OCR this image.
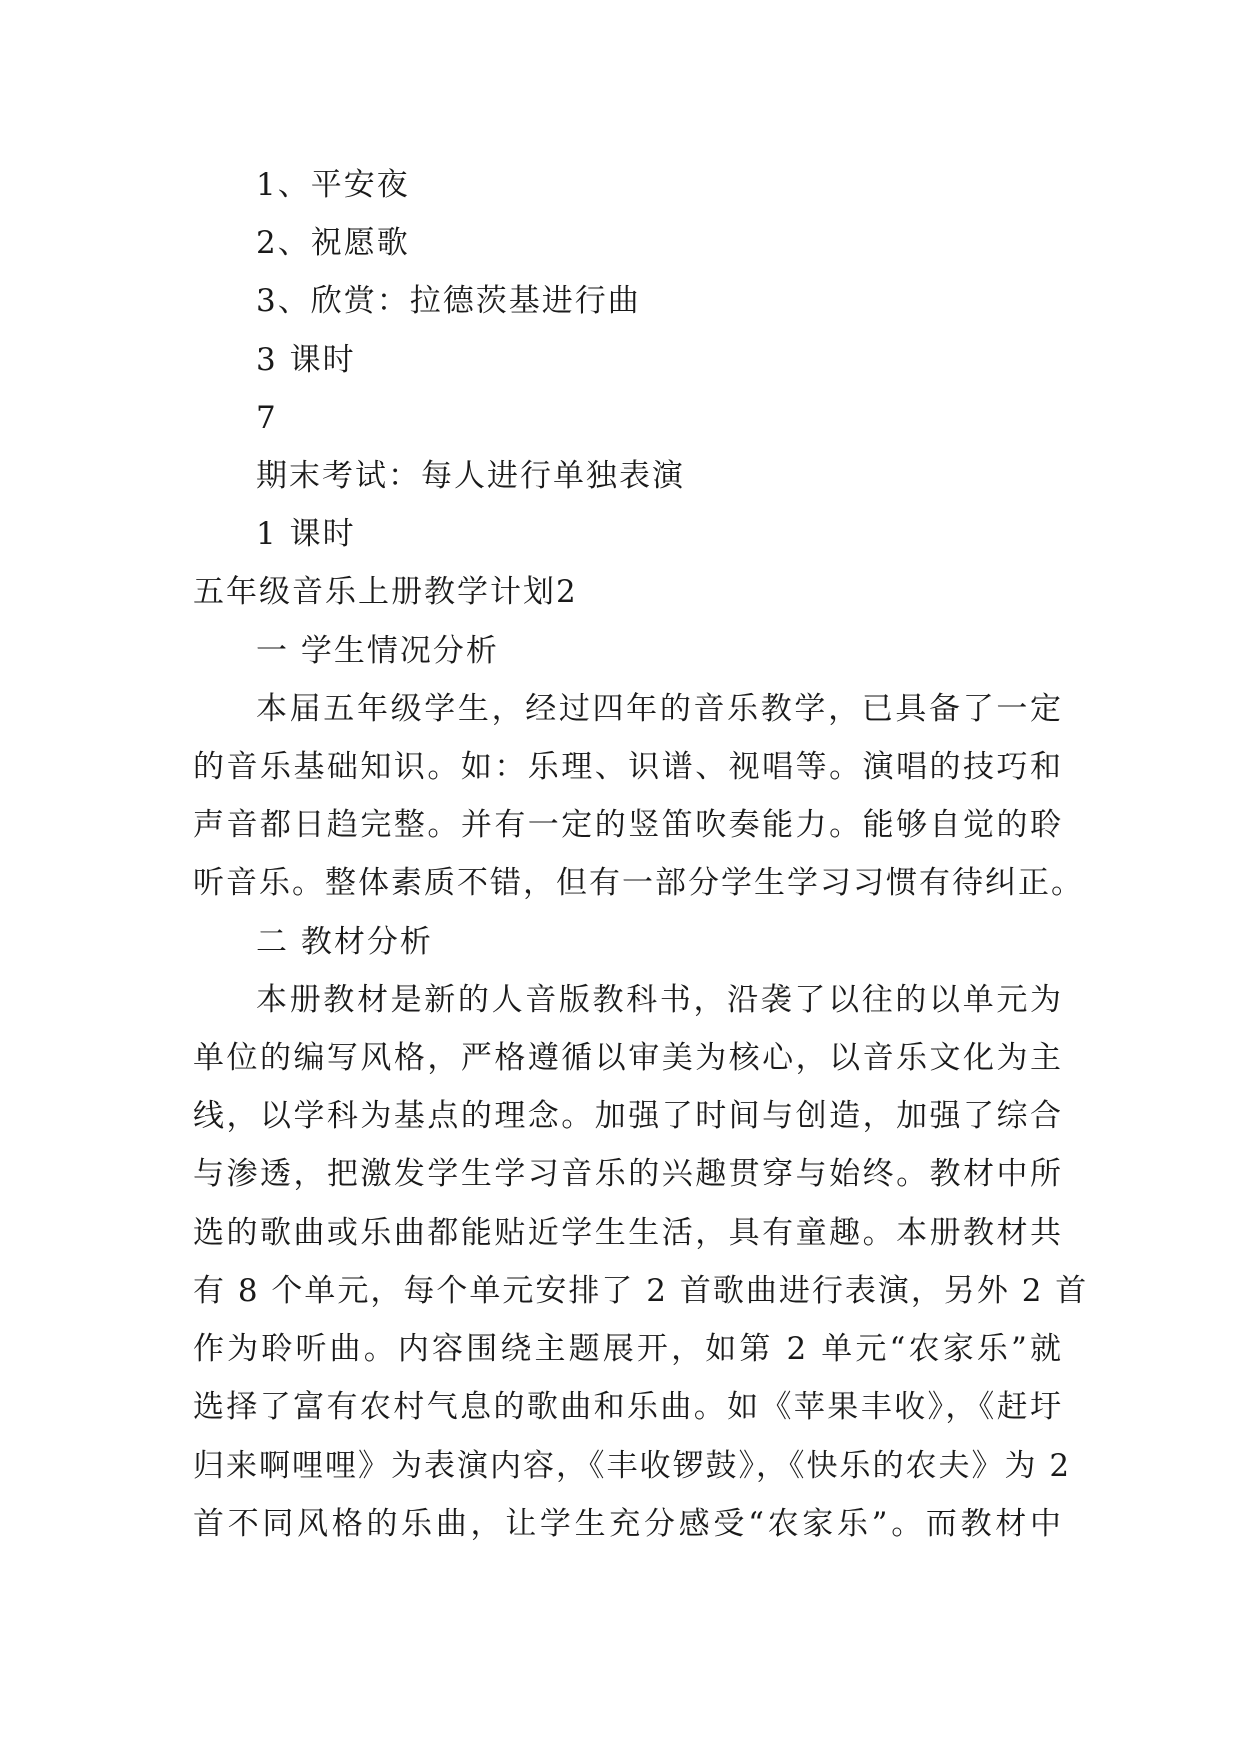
1、平安夜
2、祝愿歌
3、欣赏：拉德茨基进行曲
3 课时
7
期末考试：每人进行单独表演
1 课时
五年级音乐上册教学计划2
一 学生情况分析
本届五年级学生，经过四年的音乐教学，已具备了一定
的音乐基础知识。如：乐理、识谱、视唱等。演唱的技巧和
声音都日趋完整。并有一定的竖笛吹奏能力。能够自觉的聆
听音乐。整体素质不错，但有一部分学生学习习惯有待纠正。
二 教材分析
本册教材是新的人音版教科书，沿袭了以往的以单元为
单位的编写风格，严格遵循以审美为核心，以音乐文化为主
线，以学科为基点的理念。加强了时间与创造，加强了综合
与渗透，把激发学生学习音乐的兴趣贯穿与始终。教材中所
选的歌曲或乐曲都能贴近学生生活，具有童趣。本册教材共
有 8 个单元，每个单元安排了 2 首歌曲进行表演，另外 2 首
作为聆听曲。内容围绕主题展开，如第 2 单元“农家乐”就
选择了富有农村气息的歌曲和乐曲。如《苹果丰收》，《赶圩
归来啊哩哩》为表演内容，《丰收锣鼓》，《快乐的农夫》为 2
首不同风格的乐曲，让学生充分感受“农家乐”。而教材中
